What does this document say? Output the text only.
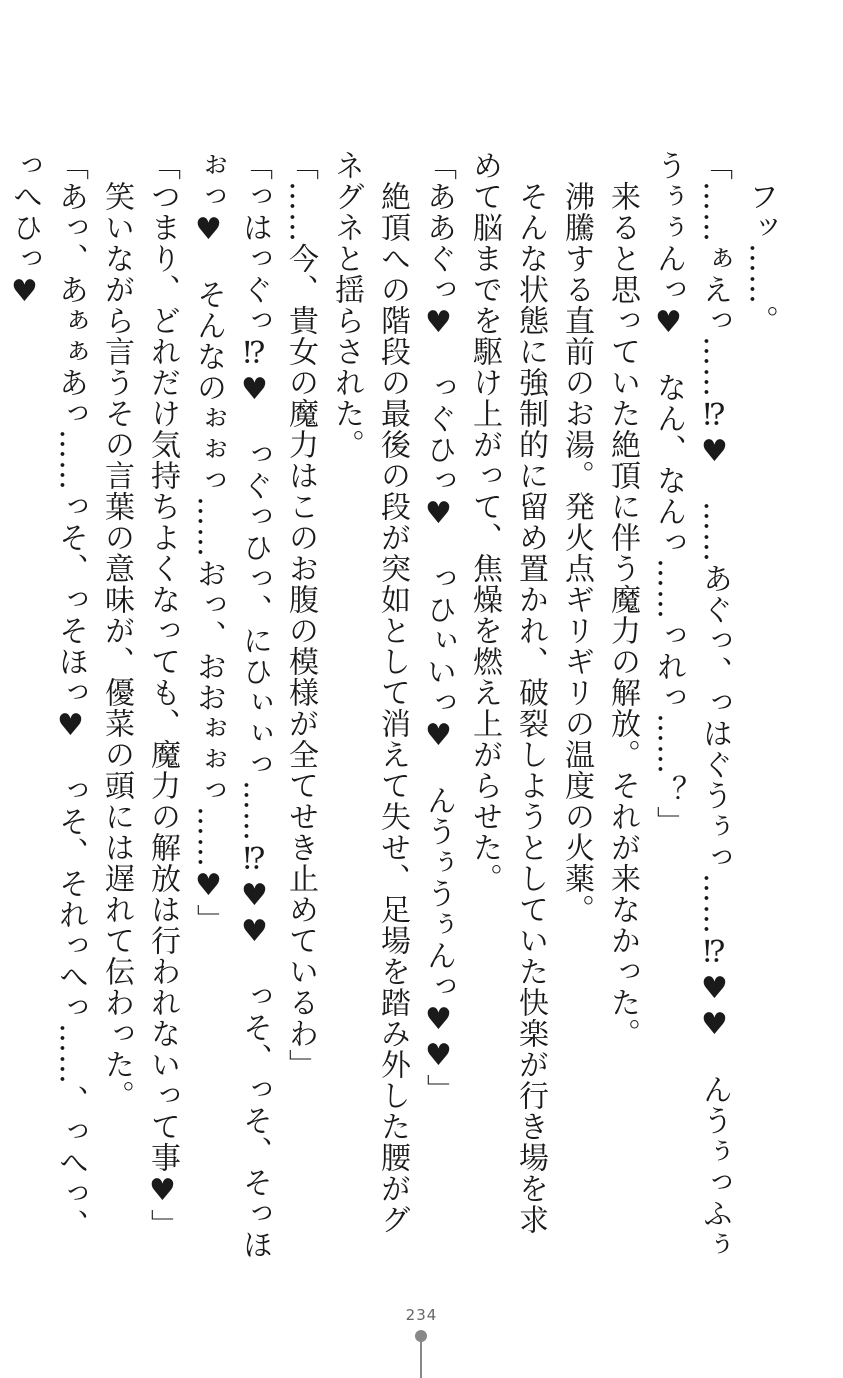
　フッ……。

「……ぁえっ……⁉♥　……あぐっ、っはぐうぅっ……⁉♥♥　んうぅっふぅうぅぅんっ♥　なん、なんっ……っれっ……？」

　来ると思っていた絶頂に伴う魔力の解放。それが来なかった。

　沸騰する直前のお湯。発火点ギリギリの温度の火薬。

　そんな状態に強制的に留め置かれ、破裂しようとしていた快楽が行き場を求めて脳までを駆け上がって、焦燥を燃え上がらせた。

「ああぐっ♥　っぐひっ♥　っひぃいっ♥　んうぅうぅんっ♥♥」

　絶頂への階段の最後の段が突如として消えて失せ、足場を踏み外した腰がグネグネと揺らされた。

「……今、貴女の魔力はこのお腹の模様が全てせき止めているわ」

「っはっぐっ⁉♥　っぐっひっ、にひぃぃっ……⁉♥♥　っそ、っそ、そっほぉっ♥　そんなのぉぉっ……おっ、おおぉぉっ……♥」

「つまり、どれだけ気持ちよくなっても、魔力の解放は行われないって事♥」

　笑いながら言うその言葉の意味が、優菜の頭には遅れて伝わった。

「あっ、あぁぁあっ……っそ、っそほっ♥　っそ、それっへっ……、っへっ、っへひっ♥

234
